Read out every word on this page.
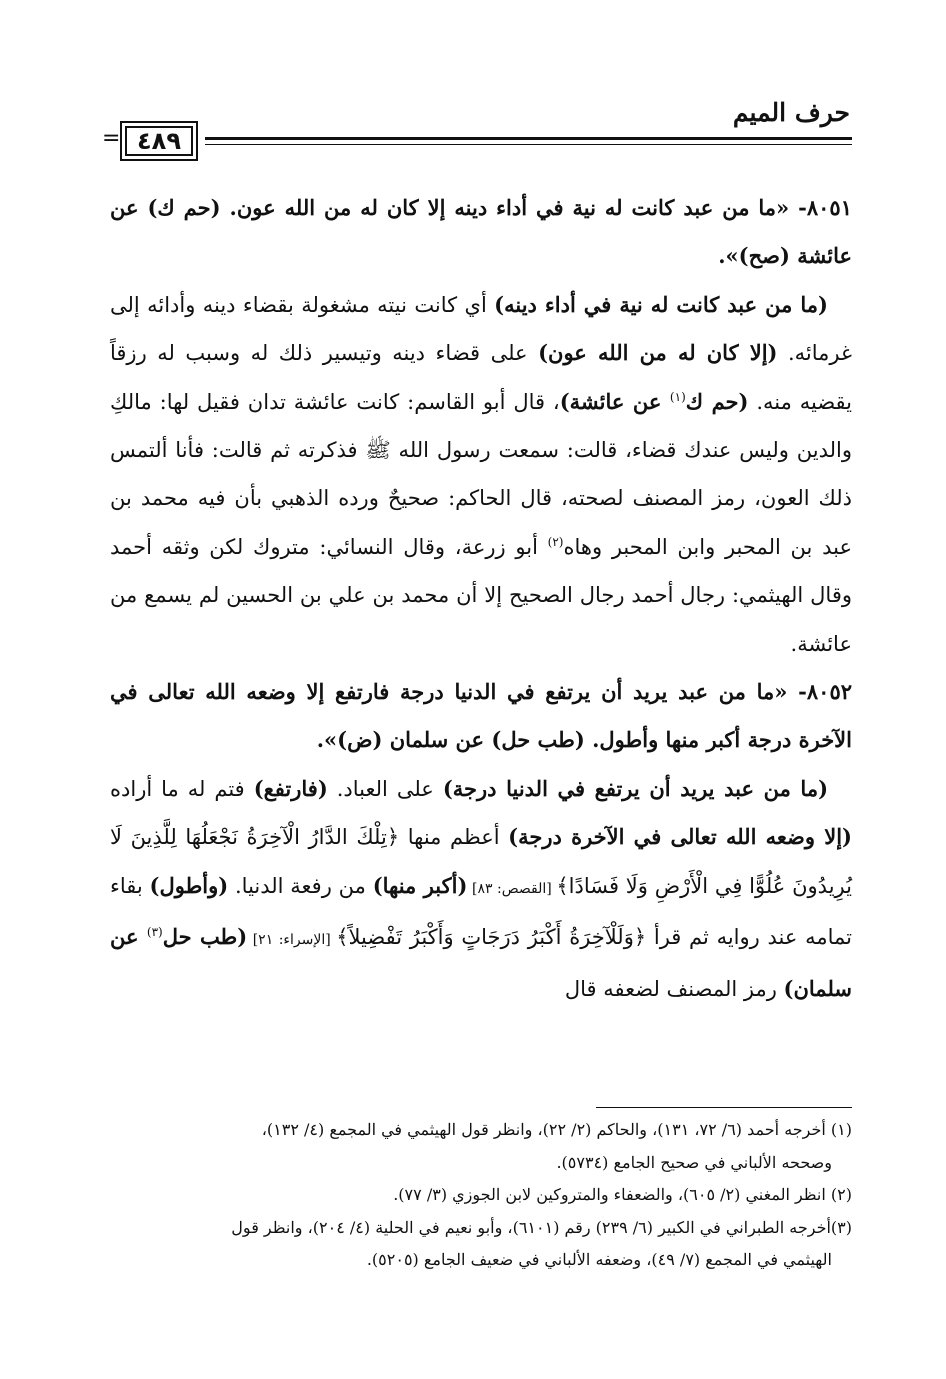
حرف الميم
٤٨٩
=

٨٠٥١- «ما من عبد كانت له نية في أداء دينه إلا كان له من الله عون. (حم ك) عن عائشة (صح)».

(ما من عبد كانت له نية في أداء دينه) أي كانت نيته مشغولة بقضاء دينه وأدائه إلى غرمائه. (إلا كان له من الله عون) على قضاء دينه وتيسير ذلك له وسبب له رزقاً يقضيه منه. (حم ك$^{(١)}$ عن عائشة)، قال أبو القاسم: كانت عائشة تدان فقيل لها: مالكِ والدين وليس عندك قضاء، قالت: سمعت رسول الله ﷺ فذكرته ثم قالت: فأنا ألتمس ذلك العون، رمز المصنف لصحته، قال الحاكم: صحيحٌ ورده الذهبي بأن فيه محمد بن عبد بن المحبر وابن المحبر وهاه$^{(٢)}$ أبو زرعة، وقال النسائي: متروك لكن وثقه أحمد وقال الهيثمي: رجال أحمد رجال الصحيح إلا أن محمد بن علي بن الحسين لم يسمع من عائشة.

٨٠٥٢- «ما من عبد يريد أن يرتفع في الدنيا درجة فارتفع إلا وضعه الله تعالى في الآخرة درجة أكبر منها وأطول. (طب حل) عن سلمان (ض)».

(ما من عبد يريد أن يرتفع في الدنيا درجة) على العباد. (فارتفع) فتم له ما أراده (إلا وضعه الله تعالى في الآخرة درجة) أعظم منها ﴿تِلْكَ الدَّارُ الْآخِرَةُ نَجْعَلُهَا لِلَّذِينَ لَا يُرِيدُونَ عُلُوًّا فِي الْأَرْضِ وَلَا فَسَادًا﴾ [القصص: ٨٣] (أكبر منها) من رفعة الدنيا. (وأطول) بقاء تمامه عند روايه ثم قرأ ﴿وَلَلْآخِرَةُ أَكْبَرُ دَرَجَاتٍ وَأَكْبَرُ تَفْضِيلاً﴾ [الإسراء: ٢١] (طب حل$^{(٣)}$ عن سلمان) رمز المصنف لضعفه قال

(١) أخرجه أحمد (٦/ ٧٢، ١٣١)، والحاكم (٢/ ٢٢)، وانظر قول الهيثمي في المجمع (٤/ ١٣٢)،

وصححه الألباني في صحيح الجامع (٥٧٣٤).

(٢) انظر المغني (٢/ ٦٠٥)، والضعفاء والمتروكين لابن الجوزي (٣/ ٧٧).

(٣)أخرجه الطبراني في الكبير (٦/ ٢٣٩) رقم (٦١٠١)، وأبو نعيم في الحلية (٤/ ٢٠٤)، وانظر قول

الهيثمي في المجمع (٧/ ٤٩)، وضعفه الألباني في ضعيف الجامع (٥٢٠٥).
